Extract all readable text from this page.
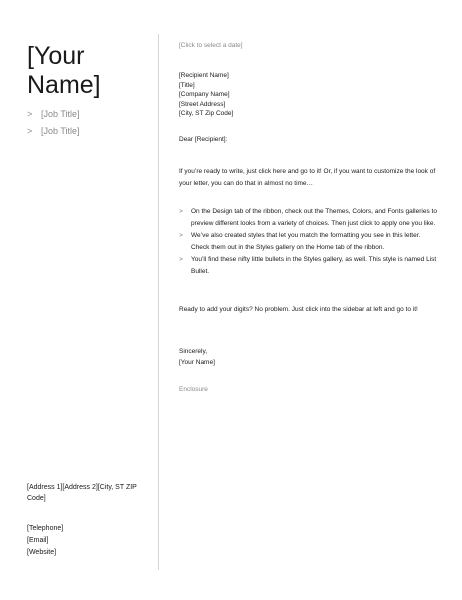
[Your
Name]
> [Job Title]
> [Job Title]
[Address 1][Address 2][City, ST ZIP Code]
[Telephone]
[Email]
[Website]
[Click to select a date]
[Recipient Name]
[Title]
[Company Name]
[Street Address]
[City, ST Zip Code]
Dear [Recipient]:
If you’re ready to write, just click here and go to it! Or, if you want to customize the look of your letter, you can do that in almost no time…
> On the Design tab of the ribbon, check out the Themes, Colors, and Fonts galleries to preview different looks from a variety of choices. Then just click to apply one you like.
> We’ve also created styles that let you match the formatting you see in this letter. Check them out in the Styles gallery on the Home tab of the ribbon.
> You’ll find these nifty little bullets in the Styles gallery, as well. This style is named List Bullet.
Ready to add your digits? No problem. Just click into the sidebar at left and go to it!
Sincerely,
[Your Name]
Enclosure
